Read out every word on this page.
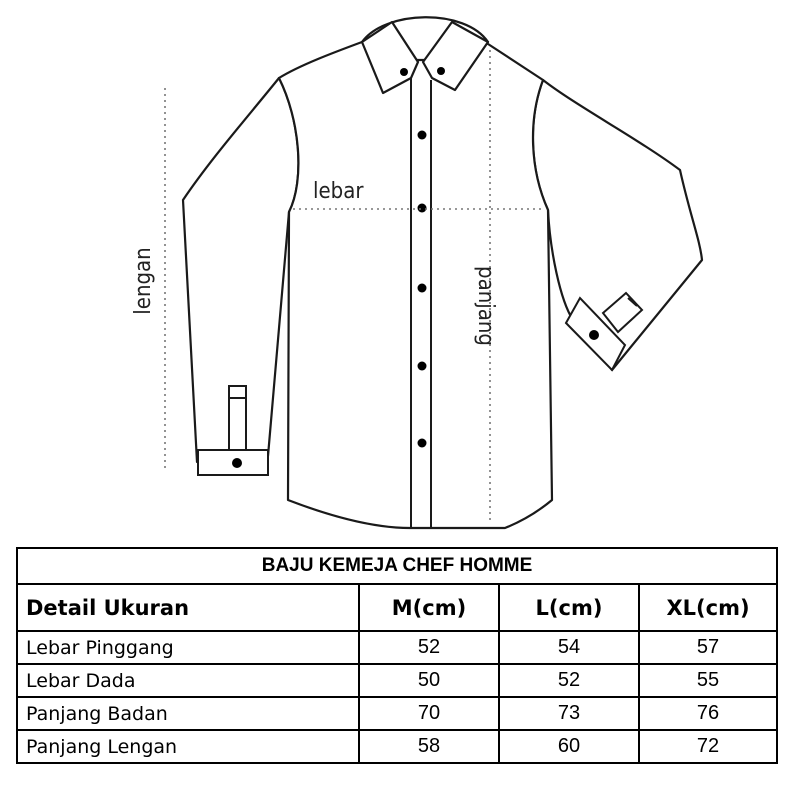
lebar
lengan	panjang
BAJU KEMEJA CHEF HOMME			
Detail Ukuran	M(cm)	L(cm)	XL(cm)
Lebar Pinggang	52	54	57
Lebar Dada	50	52	55
Panjang Badan	70	73	76
Panjang Lengan	58	60	72
